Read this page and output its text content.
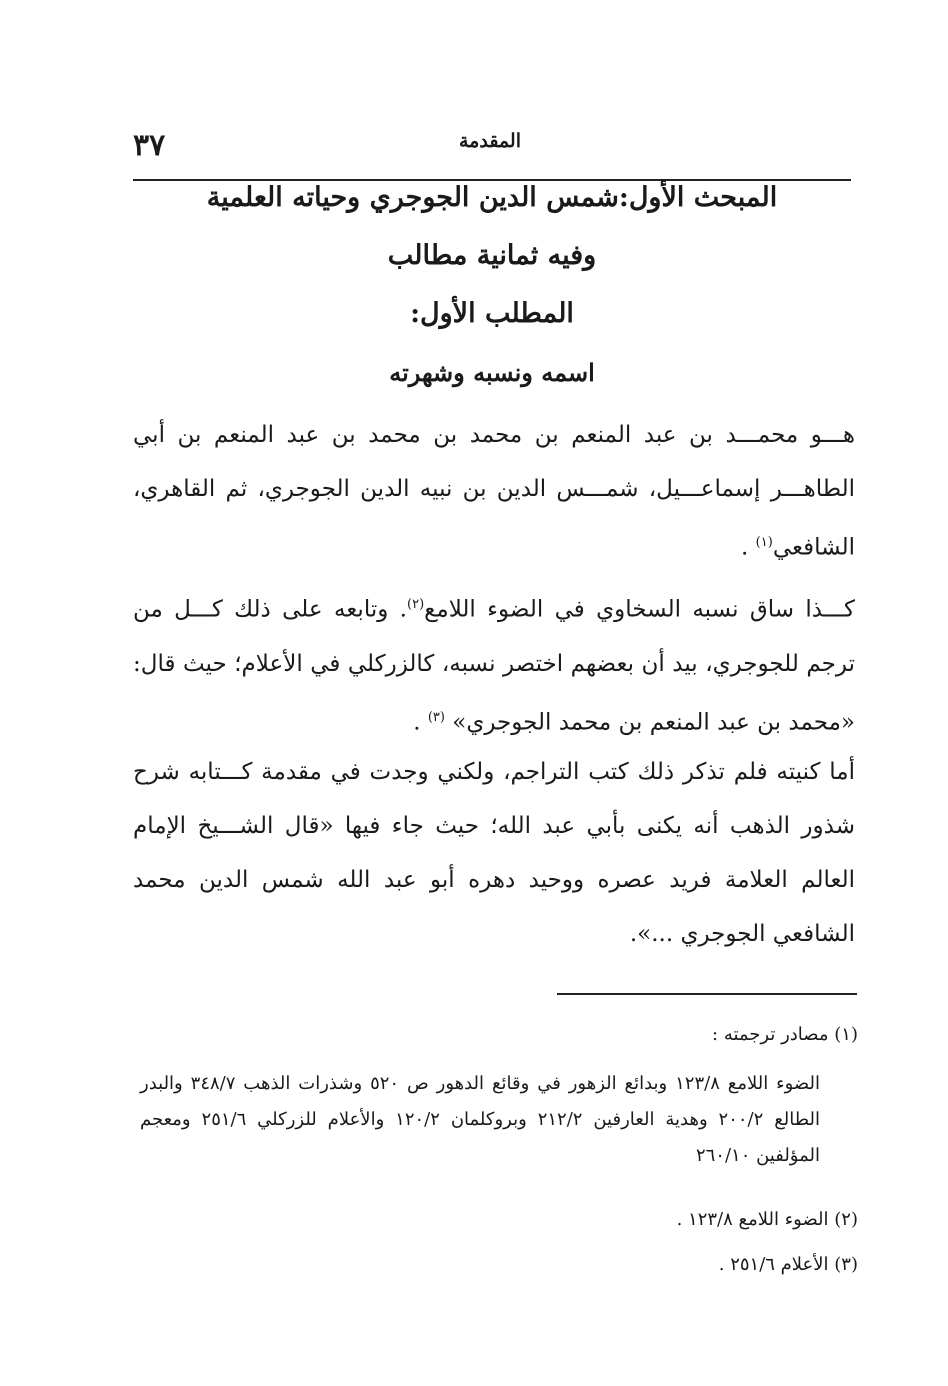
المقدمة
٣٧
المبحث الأول:شمس الدين الجوجري وحياته العلمية
وفيه ثمانية مطالب
المطلب الأول:
اسمه ونسبه وشهرته

هـــو محمـــد بن عبد المنعم بن محمد بن محمد بن عبد المنعم بن أبي الطاهـــر إسماعـــيل، شمـــس الدين بن نبيه الدين الجوجري، ثم القاهري، الشافعي$^{(١)}$ .

كـــذا ساق نسبه السخاوي في الضوء اللامع$^{(٢)}$. وتابعه على ذلك كـــل من ترجم للجوجري، بيد أن بعضهم اختصر نسبه، كالزركلي في الأعلام؛ حيث قال: «محمد بن عبد المنعم بن محمد الجوجري» $^{(٣)}$ .

أما كنيته فلم تذكر ذلك كتب التراجم، ولكني وجدت في مقدمة كـــتابه شرح شذور الذهب أنه يكنى بأبي عبد الله؛ حيث جاء فيها «قال الشـــيخ الإمام العالم العلامة فريد عصره ووحيد دهره أبو عبد الله شمس الدين محمد الشافعي الجوجري ...».

(١) مصادر ترجمته :

الضوء اللامع ١٢٣/٨ وبدائع الزهور في وقائع الدهور ص ٥٢٠ وشذرات الذهب ٣٤٨/٧ والبدر الطالع ٢٠٠/٢ وهدية العارفين ٢١٢/٢ وبروكلمان ١٢٠/٢ والأعلام للزركلي ٢٥١/٦ ومعجم المؤلفين ٢٦٠/١٠

(٢) الضوء اللامع ١٢٣/٨ .

(٣) الأعلام ٢٥١/٦ .
